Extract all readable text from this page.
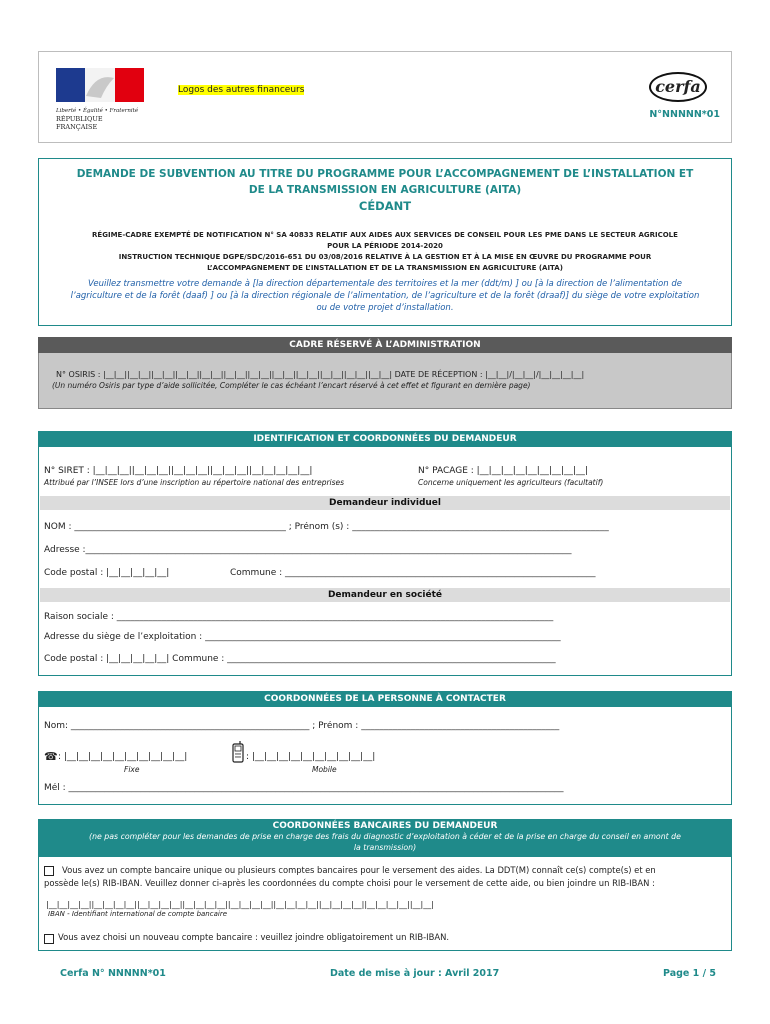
Liberté • Égalité • Fraternité
RÉPUBLIQUE FRANÇAISE
Logos des autres financeurs	cerfa
N°NNNNN*01
DEMANDE DE SUBVENTION AU TITRE DU PROGRAMME POUR L’ACCOMPAGNEMENT DE L’INSTALLATION ET
DE LA TRANSMISSION EN AGRICULTURE (AITA)
CÉDANT
RÉGIME-CADRE EXEMPTÉ DE NOTIFICATION N° SA 40833 RELATIF AUX AIDES AUX SERVICES DE CONSEIL POUR LES PME DANS LE SECTEUR AGRICOLE
POUR LA PÉRIODE 2014-2020
INSTRUCTION TECHNIQUE DGPE/SDC/2016-651 DU 03/08/2016 RELATIVE À LA GESTION ET À LA MISE EN ŒUVRE DU PROGRAMME POUR
L’ACCOMPAGNEMENT DE L’INSTALLATION ET DE LA TRANSMISSION EN AGRICULTURE (AITA)
Veuillez transmettre votre demande à [la direction départementale des territoires et la mer (ddt/m) ] ou [à la direction de l’alimentation de
l’agriculture et de la forêt (daaf) ] ou [à la direction régionale de l’alimentation, de l’agriculture et de la forêt (draaf)] du siège de votre exploitation
ou de votre projet d’installation.
CADRE RÉSERVÉ À L’ADMINISTRATION
N° OSIRIS : |__|__||__|__||__|__||__|__||__|__||__|__||__|__||__|__||__|__||__|__||__|__||__|__| DATE DE RÉCEPTION : |__|__|/|__|__|/|__|__|__|__|
(Un numéro Osiris par type d’aide sollicitée, Compléter le cas échéant l’encart réservé à cet effet et figurant en dernière page)
IDENTIFICATION ET COORDONNÉES DU DEMANDEUR
N° SIRET : |__|__|__||__|__|__||__|__|__||__|__|__||__|__|__|__|__|
Attribué par l’INSEE lors d’une inscription au répertoire national des entreprises
N° PACAGE : |__|__|__|__|__|__|__|__|__|
Concerne uniquement les agriculteurs (facultatif)
Demandeur individuel
NOM : _______________________________________________ ; Prénom (s) : _________________________________________________________
Adresse :____________________________________________________________________________________________________________
Code postal : |__|__|__|__|__|	Commune : _____________________________________________________________________
Demandeur en société
Raison sociale : _________________________________________________________________________________________________
Adresse du siège de l’exploitation : _______________________________________________________________________________
Code postal : |__|__|__|__|__| Commune : _________________________________________________________________________
COORDONNÉES DE LA PERSONNE À CONTACTER
Nom: _____________________________________________________ ; Prénom : ____________________________________________
☎ : |__|__|__|__|__|__|__|__|__|__|
Fixe
: |__|__|__|__|__|__|__|__|__|__|
Mobile
Mél : ______________________________________________________________________________________________________________
COORDONNÉES BANCAIRES DU DEMANDEUR
(ne pas compléter pour les demandes de prise en charge des frais du diagnostic d’exploitation à céder et de la prise en charge du conseil en amont de
la transmission)
Vous avez un compte bancaire unique ou plusieurs comptes bancaires pour le versement des aides. La DDT(M) connaît ce(s) compte(s) et en
possède le(s) RIB-IBAN. Veuillez donner ci-après les coordonnées du compte choisi pour le versement de cette aide, ou bien joindre un RIB-IBAN :
|__|__|__|__||__|__|__|__||__|__|__|__||__|__|__|__||__|__|__|__||__|__|__|__||__|__|__|__||__|__|__|__||__|__|
IBAN - Identifiant international de compte bancaire
Vous avez choisi un nouveau compte bancaire : veuillez joindre obligatoirement un RIB-IBAN.
Cerfa N° NNNNN*01	Date de mise à jour : Avril 2017	Page 1 / 5
